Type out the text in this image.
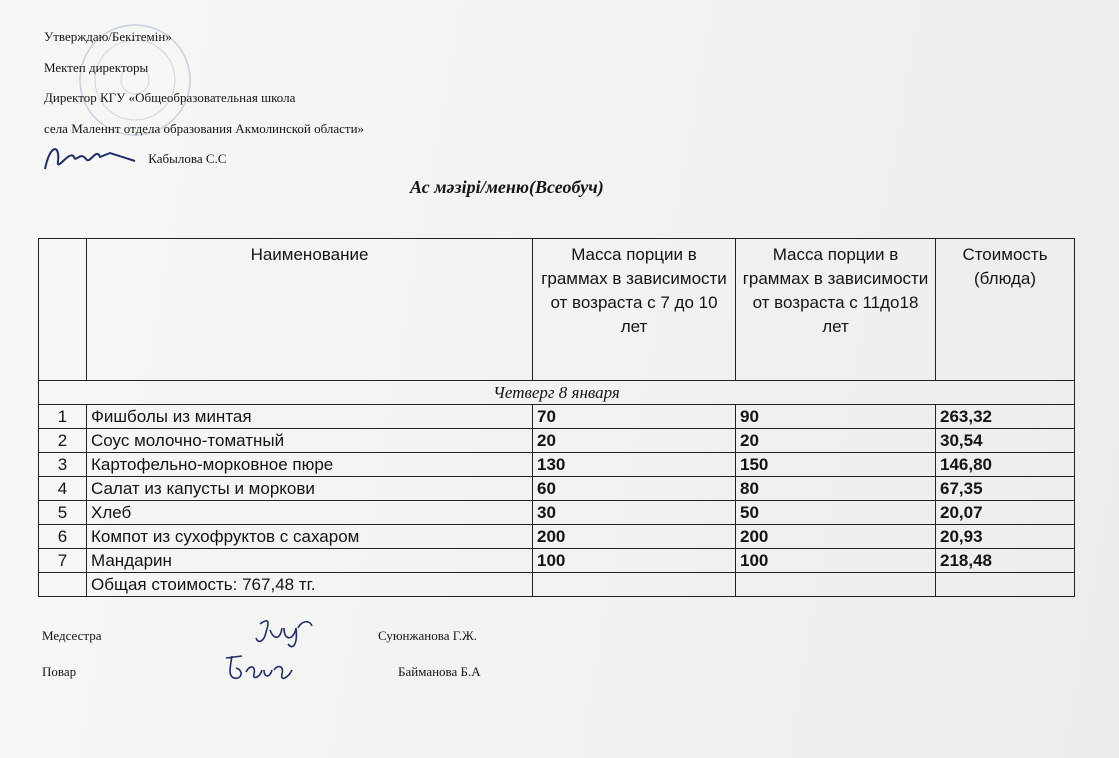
Утверждаю/Бекітемін»
Мектеп директоры
Директор КГУ «Общеобразовательная школа
села Маленнт отдела образования Акмолинской области»
Кабылова С.С
Ас мәзірі/меню(Всеобуч)
	Наименование	Масса порции в граммах в зависимости от возраста с 7 до 10 лет	Масса порции в граммах в зависимости от возраста с 11до18 лет	Стоимость (блюда)
Четверг 8 января				
1	Фишболы из минтая	70	90	263,32
2	Соус молочно-томатный	20	20	30,54
3	Картофельно-морковное пюре	130	150	146,80
4	Салат из капусты и моркови	60	80	67,35
5	Хлеб	30	50	20,07
6	Компот из сухофруктов с сахаром	200	200	20,93
7	Мандарин	100	100	218,48
	Общая стоимость: 767,48 тг.			
Медсестра	Суюнжанова Г.Ж.
Повар	Байманова Б.А
